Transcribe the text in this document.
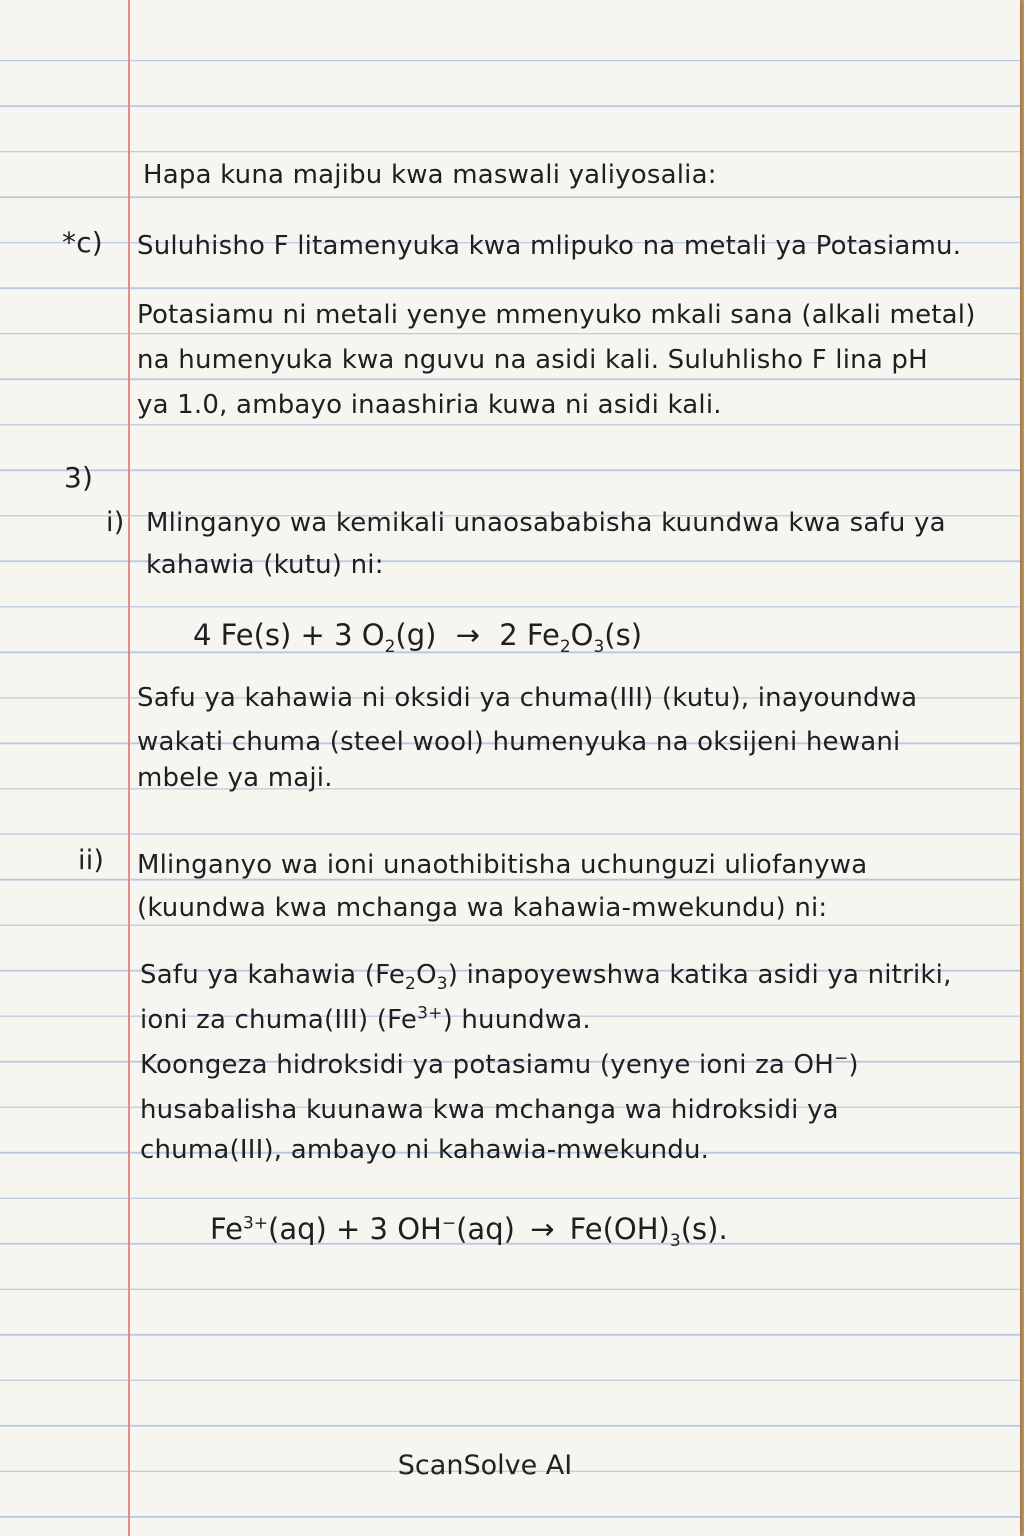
Hapa kuna majibu kwa maswali yaliyosalia:
*c) Suluhisho F litamenyuka kwa mlipuko na metali ya Potasiamu.
Potasiamu ni metali yenye mmenyuko mkali sana (alkali metal)
na humenyuka kwa nguvu na asidi kali. Suluhlisho F lina pH
ya 1.0, ambayo inaashiria kuwa ni asidi kali.
3)
i) Mlinganyo wa kemikali unaosababisha kuundwa kwa safu ya
kahawia (kutu) ni:
4 Fe(s) + 3 $O_2(g) \to 2$ $Fe_2O_3(s)$
Safu ya kahawia ni oksidi ya chuma(III) (kutu), inayoundwa
wakati chuma (steel wool) humenyuka na oksijeni hewani
mbele ya maji.
ii) Mlinganyo wa ioni unaothibitisha uchunguzi uliofanywa
(kuundwa kwa mchanga wa kahawia-mwekundu) ni:
Safu ya kahawia $(Fe_2O_3)$ inapoyewshwa katika asidi ya nitriki,
ioni za chuma(III) $(Fe^{3+})$ huundwa.
Koongeza hidroksidi ya potasiamu (yenye ioni za OH−)
husabalisha kuunawa kwa mchanga wa hidroksidi ya
chuma(III), ambayo ni kahawia-mwekundu.
$Fe^{3+}(aq) + 3$ $OH^-(aq) \to Fe(OH)_3(s)$.
ScanSolve AI
